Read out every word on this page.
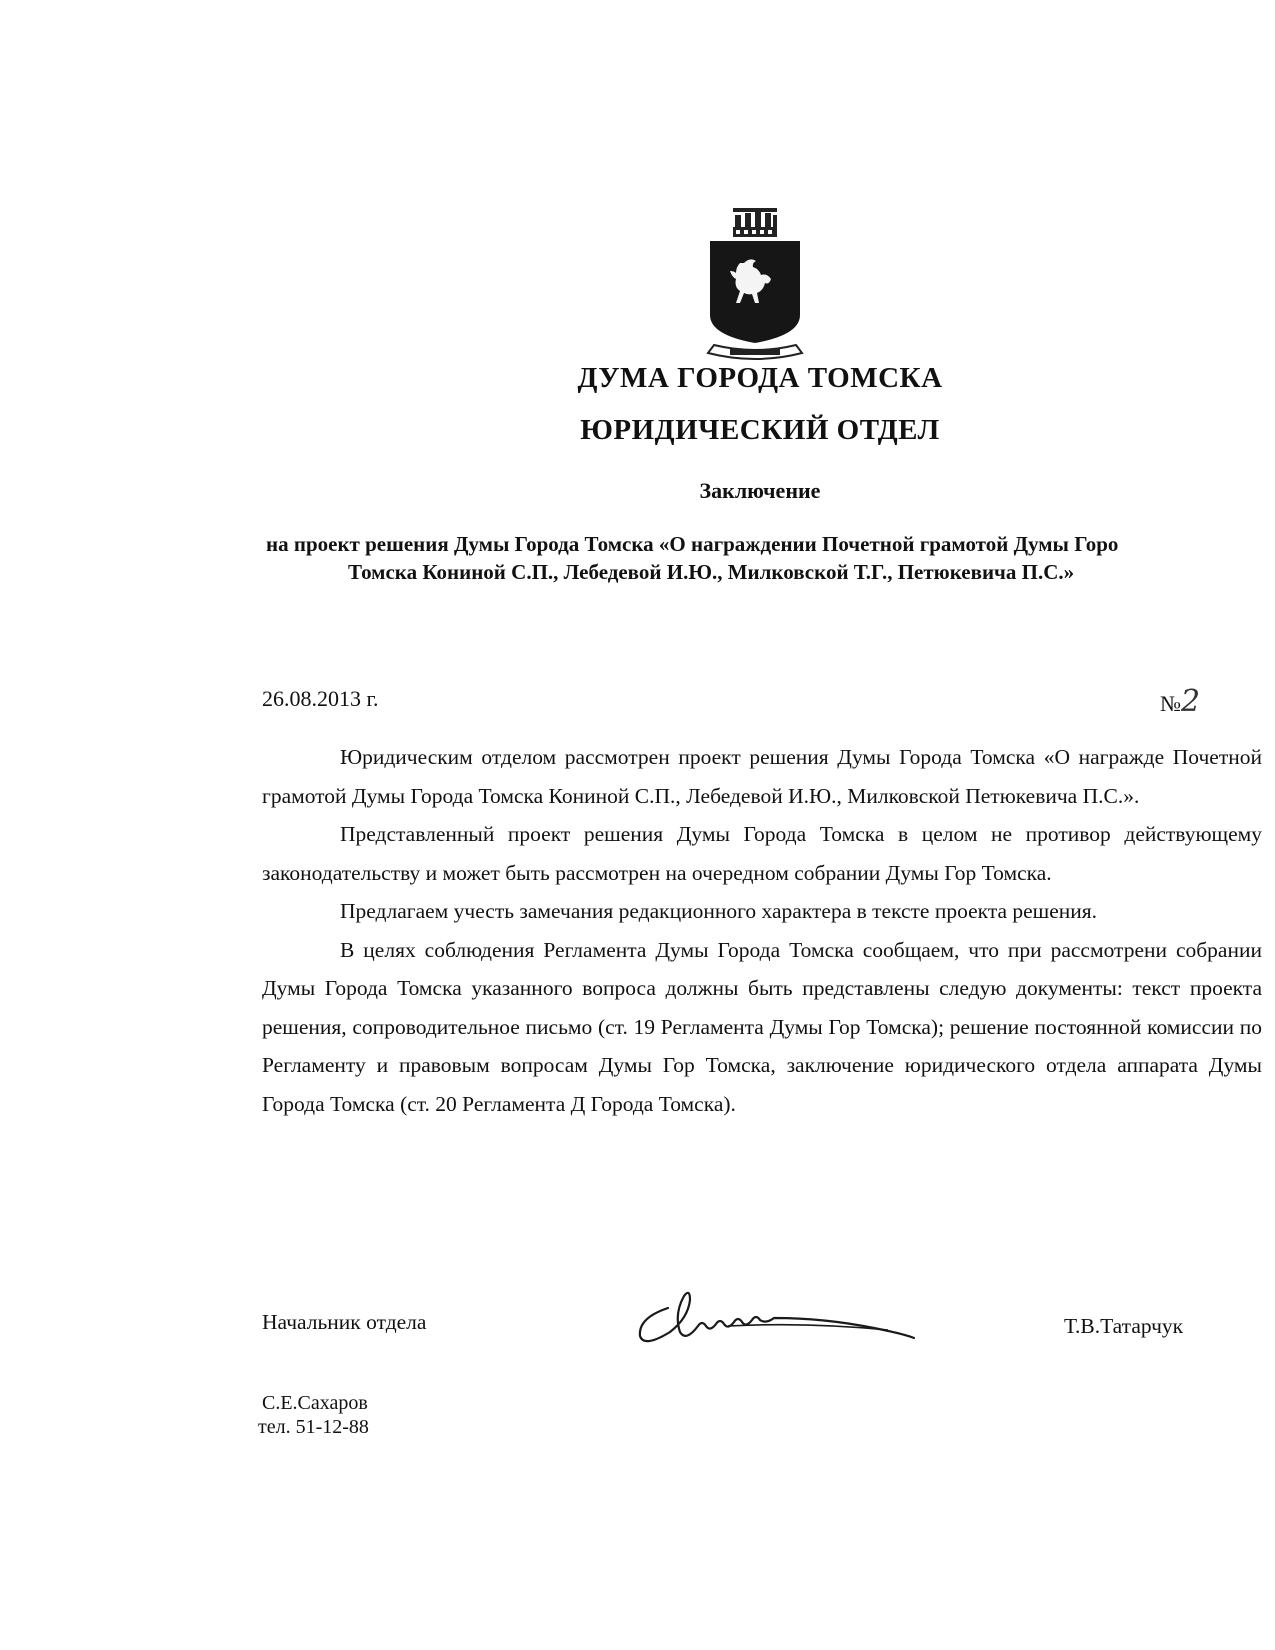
ДУМА ГОРОДА ТОМСКА
ЮРИДИЧЕСКИЙ ОТДЕЛ
Заключение
на проект решения Думы Города Томска «О награждении Почетной грамотой Думы Горо
Томска Кониной С.П., Лебедевой И.Ю., Милковской Т.Г., Петюкевича П.С.»
26.08.2013 г.	№2

Юридическим отделом рассмотрен проект решения Думы Города Томска «О награжде Почетной грамотой Думы Города Томска Кониной С.П., Лебедевой И.Ю., Милковской Петюкевича П.С.».

Представленный проект решения Думы Города Томска в целом не противор действующему законодательству и может быть рассмотрен на очередном собрании Думы Гор Томска.

Предлагаем учесть замечания редакционного характера в тексте проекта решения.

В целях соблюдения Регламента Думы Города Томска сообщаем, что при рассмотрени собрании Думы Города Томска указанного вопроса должны быть представлены следую документы: текст проекта решения, сопроводительное письмо (ст. 19 Регламента Думы Гор Томска); решение постоянной комиссии по Регламенту и правовым вопросам Думы Гор Томска, заключение юридического отдела аппарата Думы Города Томска (ст. 20 Регламента Д Города Томска).

Начальник отдела	Т.В.Татарчук
С.Е.Сахаров
тел. 51-12-88
